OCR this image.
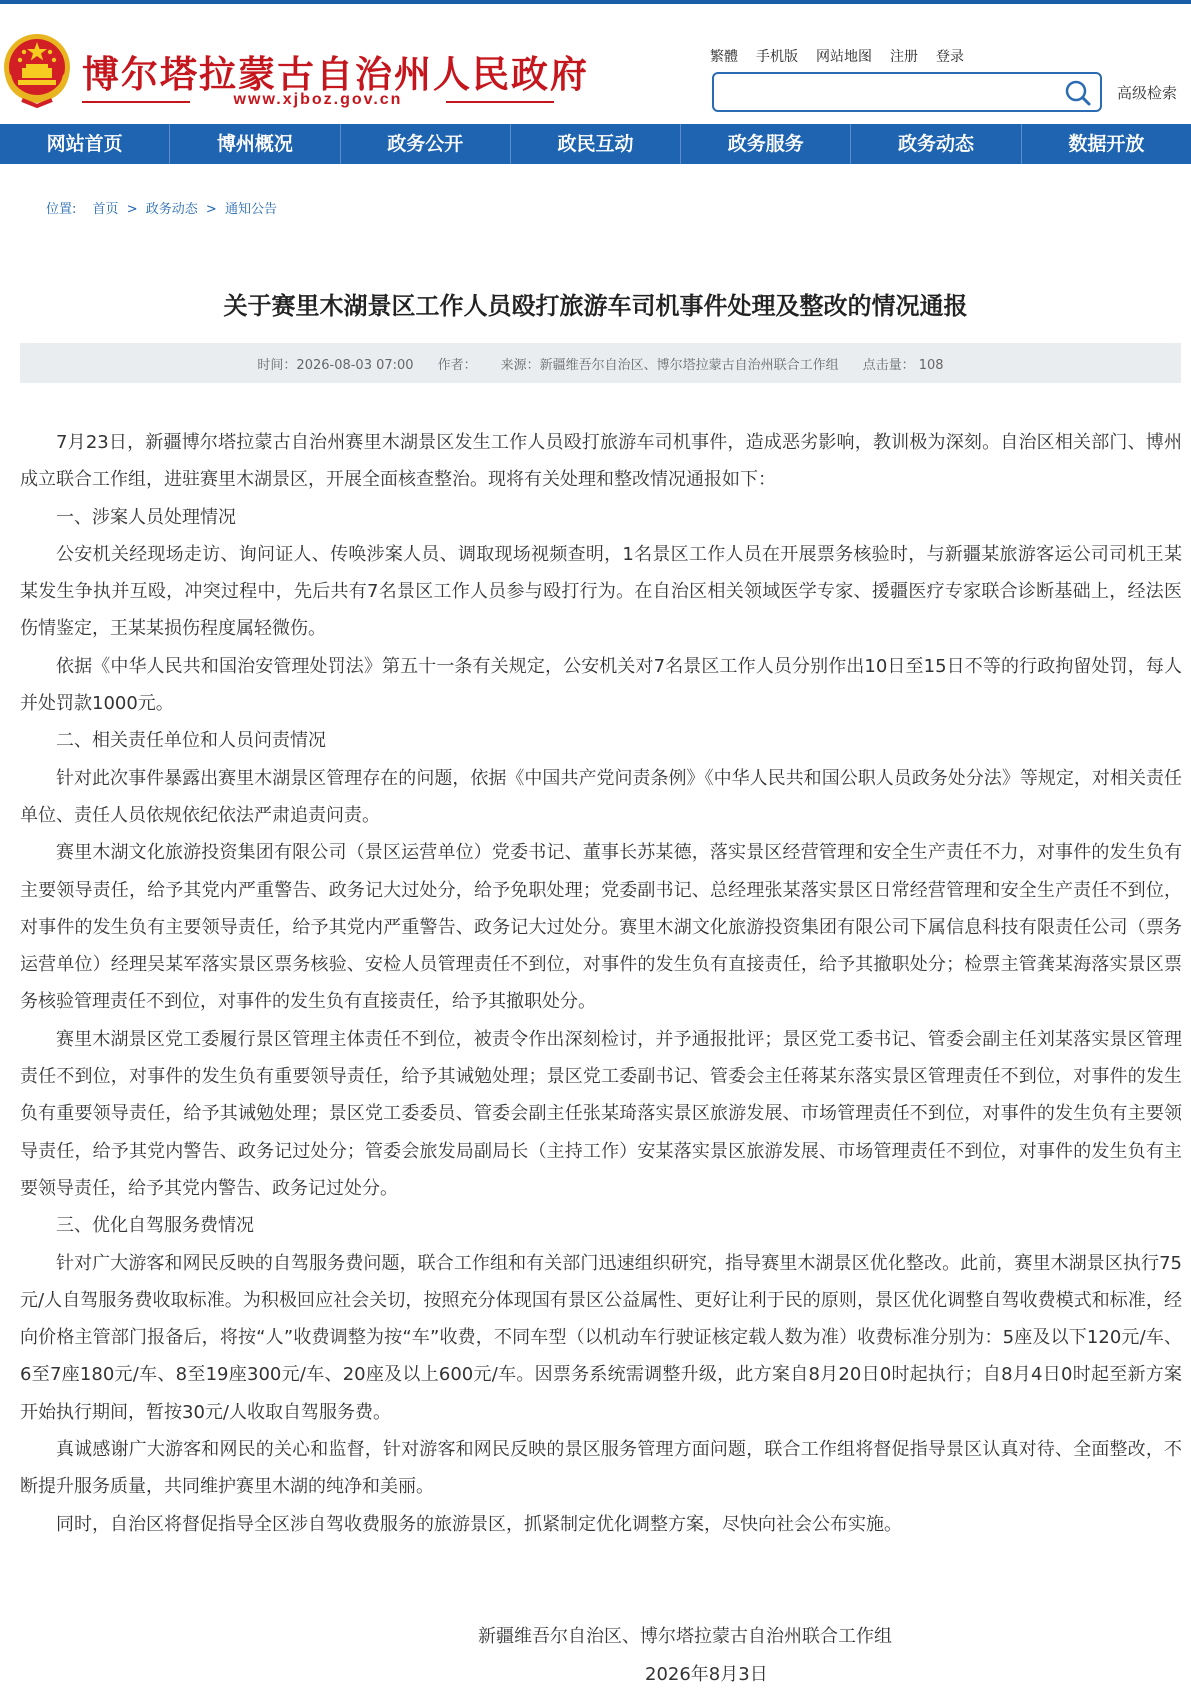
博尔塔拉蒙古自治州人民政府
www.xjboz.gov.cn
繁體 手机版 网站地图 注册 登录
高级检索
网站首页	博州概况	政务公开	政民互动	政务服务	政务动态	数据开放
位置: 首页 > 政务动态 > 通知公告
关于赛里木湖景区工作人员殴打旅游车司机事件处理及整改的情况通报
时间：2026-08-03 07:00 作者： 来源：新疆维吾尔自治区、博尔塔拉蒙古自治州联合工作组 点击量： 108

7月23日，新疆博尔塔拉蒙古自治州赛里木湖景区发生工作人员殴打旅游车司机事件，造成恶劣影响，教训极为深刻。自治区相关部门、博州成立联合工作组，进驻赛里木湖景区，开展全面核查整治。现将有关处理和整改情况通报如下：

一、涉案人员处理情况

公安机关经现场走访、询问证人、传唤涉案人员、调取现场视频查明，1名景区工作人员在开展票务核验时，与新疆某旅游客运公司司机王某某发生争执并互殴，冲突过程中，先后共有7名景区工作人员参与殴打行为。在自治区相关领域医学专家、援疆医疗专家联合诊断基础上，经法医伤情鉴定，王某某损伤程度属轻微伤。

依据《中华人民共和国治安管理处罚法》第五十一条有关规定，公安机关对7名景区工作人员分别作出10日至15日不等的行政拘留处罚，每人并处罚款1000元。

二、相关责任单位和人员问责情况

针对此次事件暴露出赛里木湖景区管理存在的问题，依据《中国共产党问责条例》《中华人民共和国公职人员政务处分法》等规定，对相关责任单位、责任人员依规依纪依法严肃追责问责。

赛里木湖文化旅游投资集团有限公司（景区运营单位）党委书记、董事长苏某德，落实景区经营管理和安全生产责任不力，对事件的发生负有主要领导责任，给予其党内严重警告、政务记大过处分，给予免职处理；党委副书记、总经理张某落实景区日常经营管理和安全生产责任不到位，对事件的发生负有主要领导责任，给予其党内严重警告、政务记大过处分。赛里木湖文化旅游投资集团有限公司下属信息科技有限责任公司（票务运营单位）经理吴某军落实景区票务核验、安检人员管理责任不到位，对事件的发生负有直接责任，给予其撤职处分；检票主管龚某海落实景区票务核验管理责任不到位，对事件的发生负有直接责任，给予其撤职处分。

赛里木湖景区党工委履行景区管理主体责任不到位，被责令作出深刻检讨，并予通报批评；景区党工委书记、管委会副主任刘某落实景区管理责任不到位，对事件的发生负有重要领导责任，给予其诫勉处理；景区党工委副书记、管委会主任蒋某东落实景区管理责任不到位，对事件的发生负有重要领导责任，给予其诫勉处理；景区党工委委员、管委会副主任张某琦落实景区旅游发展、市场管理责任不到位，对事件的发生负有主要领导责任，给予其党内警告、政务记过处分；管委会旅发局副局长（主持工作）安某落实景区旅游发展、市场管理责任不到位，对事件的发生负有主要领导责任，给予其党内警告、政务记过处分。

三、优化自驾服务费情况

针对广大游客和网民反映的自驾服务费问题，联合工作组和有关部门迅速组织研究，指导赛里木湖景区优化整改。此前，赛里木湖景区执行75元/人自驾服务费收取标准。为积极回应社会关切，按照充分体现国有景区公益属性、更好让利于民的原则，景区优化调整自驾收费模式和标准，经向价格主管部门报备后，将按“人”收费调整为按“车”收费，不同车型（以机动车行驶证核定载人数为准）收费标准分别为：5座及以下120元/车、6至7座180元/车、8至19座300元/车、20座及以上600元/车。因票务系统需调整升级，此方案自8月20日0时起执行；自8月4日0时起至新方案开始执行期间，暂按30元/人收取自驾服务费。

真诚感谢广大游客和网民的关心和监督，针对游客和网民反映的景区服务管理方面问题，联合工作组将督促指导景区认真对待、全面整改，不断提升服务质量，共同维护赛里木湖的纯净和美丽。

同时，自治区将督促指导全区涉自驾收费服务的旅游景区，抓紧制定优化调整方案，尽快向社会公布实施。

新疆维吾尔自治区、博尔塔拉蒙古自治州联合工作组
2026年8月3日
